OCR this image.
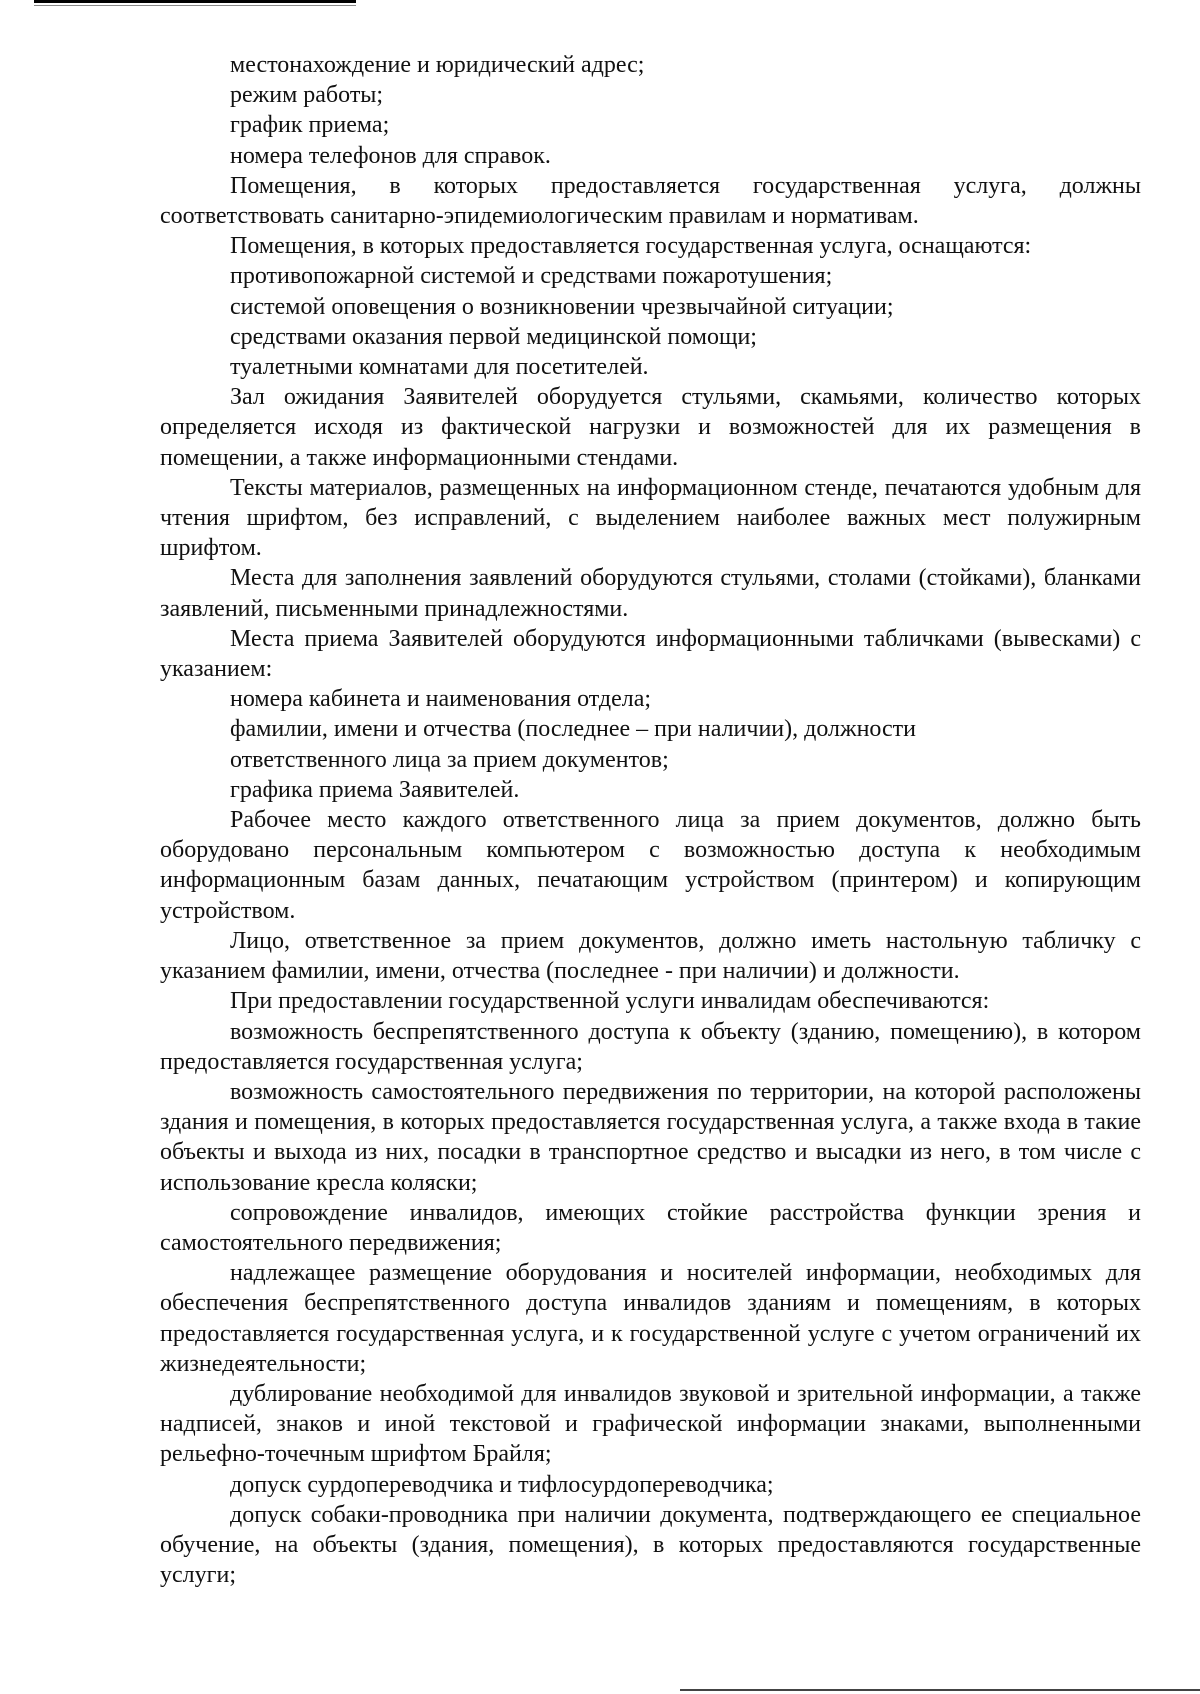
местонахождение и юридический адрес;

режим работы;

график приема;

номера телефонов для справок.

Помещения, в которых предоставляется государственная услуга, должны соответствовать санитарно-эпидемиологическим правилам и нормативам.

Помещения, в которых предоставляется государственная услуга, оснащаются:

противопожарной системой и средствами пожаротушения;

системой оповещения о возникновении чрезвычайной ситуации;

средствами оказания первой медицинской помощи;

туалетными комнатами для посетителей.

Зал ожидания Заявителей оборудуется стульями, скамьями, количество которых определяется исходя из фактической нагрузки и возможностей для их размещения в помещении, а также информационными стендами.

Тексты материалов, размещенных на информационном стенде, печатаются удобным для чтения шрифтом, без исправлений, с выделением наиболее важных мест полужирным шрифтом.

Места для заполнения заявлений оборудуются стульями, столами (стойками), бланками заявлений, письменными принадлежностями.

Места приема Заявителей оборудуются информационными табличками (вывесками) с указанием:

номера кабинета и наименования отдела;

фамилии, имени и отчества (последнее – при наличии), должности

ответственного лица за прием документов;

графика приема Заявителей.

Рабочее место каждого ответственного лица за прием документов, должно быть оборудовано персональным компьютером с возможностью доступа к необходимым информационным базам данных, печатающим устройством (принтером) и копирующим устройством.

Лицо, ответственное за прием документов, должно иметь настольную табличку с указанием фамилии, имени, отчества (последнее - при наличии) и должности.

При предоставлении государственной услуги инвалидам обеспечиваются:

возможность беспрепятственного доступа к объекту (зданию, помещению), в котором предоставляется государственная услуга;

возможность самостоятельного передвижения по территории, на которой расположены здания и помещения, в которых предоставляется государственная услуга, а также входа в такие объекты и выхода из них, посадки в транспортное средство и высадки из него, в том числе с использование кресла коляски;

сопровождение инвалидов, имеющих стойкие расстройства функции зрения и самостоятельного передвижения;

надлежащее размещение оборудования и носителей информации, необходимых для обеспечения беспрепятственного доступа инвалидов зданиям и помещениям, в которых предоставляется государственная услуга, и к государственной услуге с учетом ограничений их жизнедеятельности;

дублирование необходимой для инвалидов звуковой и зрительной информации, а также надписей, знаков и иной текстовой и графической информации знаками, выполненными рельефно-точечным шрифтом Брайля;

допуск сурдопереводчика и тифлосурдопереводчика;

допуск собаки-проводника при наличии документа, подтверждающего ее специальное обучение, на объекты (здания, помещения), в которых предоставляются государственные услуги;
